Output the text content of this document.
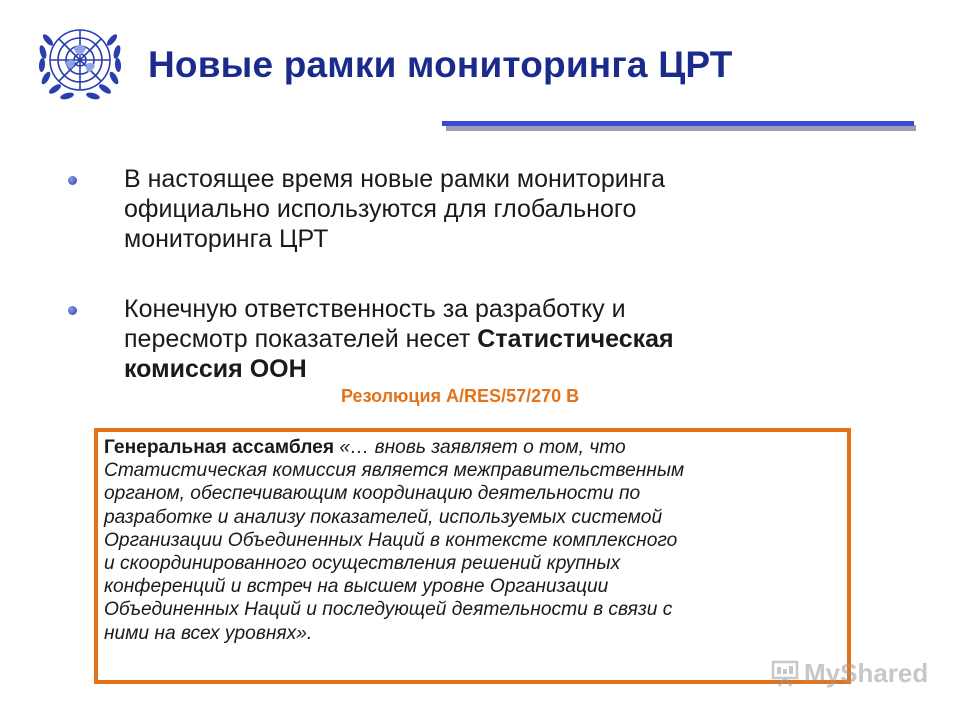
Новые рамки мониторинга ЦРТ
В настоящее время новые рамки мониторинга
официально используются для глобального
мониторинга ЦРТ
Конечную ответственность за разработку и
пересмотр показателей несет Статистическая
комиссия ООН
Резолюция A/RES/57/270 B
Генеральная ассамблея «… вновь заявляет о том, что
Статистическая комиссия является межправительственным
органом, обеспечивающим координацию деятельности по
разработке и анализу показателей, используемых системой
Организации Объединенных Наций в контексте комплексного
и скоординированного осуществления решений крупных
конференций и встреч на высшем уровне Организации
Объединенных Наций и последующей деятельности в связи с
ними на всех уровнях».
MyShared
